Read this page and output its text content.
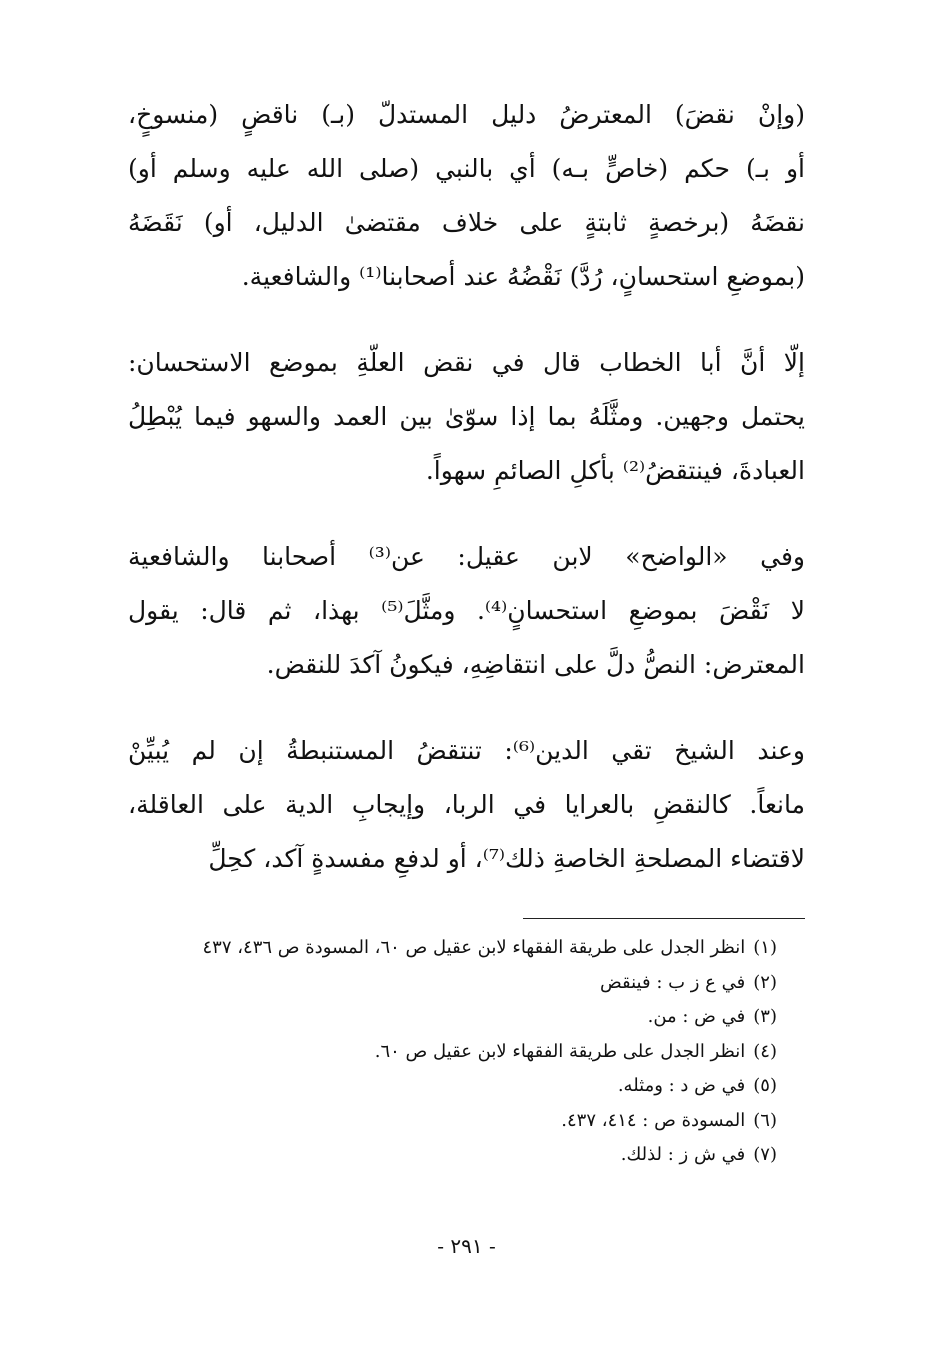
(وإنْ نقضَ) المعترضُ دليل المستدلّ (بـ) ناقضٍ (منسوخٍ،
أو بـ) حكم (خاصٍّ بـه) أي بالنبي (صلى الله عليه وسلم أو)
نقضَهُ (برخصةٍ ثابتةٍ على خلاف مقتضىٰ الدليل، أو) نَقَضَهُ
(بموضعِ استحسانٍ، رُدَّ) نَقْضُهُ عند أصحابنا⁽¹⁾ والشافعية.

إلّا أنَّ أبا الخطاب قال في نقض العلّةِ بموضع الاستحسان:
يحتمل وجهين. ومثَّلَهُ بما إذا سوّىٰ بين العمد والسهو فيما يُبْطِلُ
العبادةَ، فينتقضُ⁽²⁾ بأكلِ الصائمِ سهواً.

وفي «الواضح» لابن عقيل: عن⁽³⁾ أصحابنا والشافعية
لا نَقْضَ بموضعِ استحسانٍ⁽⁴⁾. ومثَّلَ⁽⁵⁾ بهذا، ثم قال: يقول
المعترض: النصُّ دلَّ على انتقاضِهِ، فيكونُ آكدَ للنقض.

وعند الشيخ تقي الدين⁽⁶⁾: تنتقضُ المستنبطةُ إن لم يُبيِّنْ
مانعاً. كالنقضِ بالعرايا في الربا، وإيجابِ الدية على العاقلة،
لاقتضاء المصلحةِ الخاصةِ ذلك⁽⁷⁾، أو لدفعِ مفسدةٍ آكد، كحِلِّ

(١)انظر الجدل على طريقة الفقهاء لابن عقيل ص ٦٠، المسودة ص ٤٣٦، ٤٣٧
(٢)في ع ز ب : فينقض
(٣)في ض : من.
(٤)انظر الجدل على طريقة الفقهاء لابن عقيل ص ٦٠.
(٥)في ض د : ومثله.
(٦)المسودة ص : ٤١٤، ٤٣٧.
(٧)في ش ز : لذلك.
- ٢٩١ -
